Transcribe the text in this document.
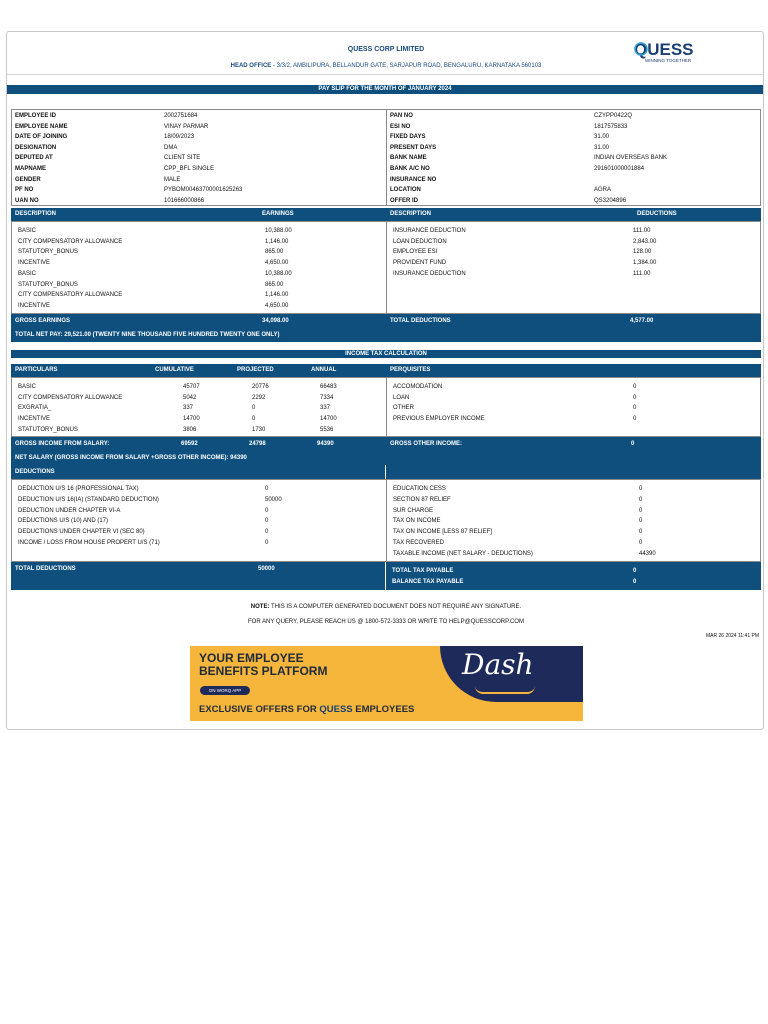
QUESS CORP LIMITED
HEAD OFFICE - 3/3/2, AMBILIPURA, BELLANDUR GATE, SARJAPUR ROAD, BENGALURU, KARNATAKA 560103
QUESS
WINNING TOGETHER
PAY SLIP FOR THE MONTH OF JANUARY 2024
EMPLOYEE ID	2002751684
EMPLOYEE NAME	VINAY PARMAR
DATE OF JOINING	18/09/2023
DESIGNATION	DMA
DEPUTED AT	CLIENT SITE
MAPNAME	CPP_BFL SINGLE
GENDER	MALE
PF NO	PYBOM00463700001625263
UAN NO	101666000866
PAN NO	CZYPP0422Q
ESI NO	1817575833
FIXED DAYS	31.00
PRESENT DAYS	31.00
BANK NAME	INDIAN OVERSEAS BANK
BANK A/C NO	291601000001884
INSURANCE NO
LOCATION	AGRA
OFFER ID	QS3204896
DESCRIPTION	EARNINGS	DESCRIPTION	DEDUCTIONS
BASIC	10,388.00
CITY COMPENSATORY ALLOWANCE	1,146.00
STATUTORY_BONUS	865.00
INCENTIVE	4,650.00
BASIC	10,388.00
STATUTORY_BONUS	865.00
CITY COMPENSATORY ALLOWANCE	1,146.00
INCENTIVE	4,650.00
INSURANCE DEDUCTION	111.00
LOAN DEDUCTION	2,843.00
EMPLOYEE ESI	128.00
PROVIDENT FUND	1,384.00
INSURANCE DEDUCTION	111.00
GROSS EARNINGS	34,098.00	TOTAL DEDUCTIONS	4,577.00
TOTAL NET PAY: 29,521.00 (TWENTY NINE THOUSAND FIVE HUNDRED TWENTY ONE ONLY)
INCOME TAX CALCULATION
PARTICULARS	CUMULATIVE	PROJECTED	ANNUAL	PERQUISITES
BASIC	45707	20776	66483
CITY COMPENSATORY ALLOWANCE	5042	2292	7334
EXGRATIA_	337	0	337
INCENTIVE	14700	0	14700
STATUTORY_BONUS	3806	1730	5536
ACCOMODATION	0
LOAN	0
OTHER	0
PREVIOUS EMPLOYER INCOME	0
GROSS INCOME FROM SALARY:	69592	24798	94390	GROSS OTHER INCOME:	0
NET SALARY (GROSS INCOME FROM SALARY +GROSS OTHER INCOME): 94390
DEDUCTIONS
DEDUCTION U/S 16 (PROFESSIONAL TAX)	0
DEDUCTION U/S 16(IA) (STANDARD DEDUCTION)	50000
DEDUCTION UNDER CHAPTER VI-A	0
DEDUCTIONS U/S (10) AND (17)	0
DEDUCTIONS UNDER CHAPTER VI (SEC 80)	0
INCOME / LOSS FROM HOUSE PROPERT U/S (71)	0
EDUCATION CESS	0
SECTION 87 RELIEF	0
SUR CHARGE	0
TAX ON INCOME	0
TAX ON INCOME [LESS 87 RELIEF]	0
TAX RECOVERED	0
TAXABLE INCOME (NET SALARY - DEDUCTIONS)	44390
TOTAL DEDUCTIONS	50000	TOTAL TAX PAYABLE	0
BALANCE TAX PAYABLE	0
NOTE: THIS IS A COMPUTER GENERATED DOCUMENT DOES NOT REQUIRE ANY SIGNATURE.
FOR ANY QUERY, PLEASE REACH US @ 1800-572-3333 OR WRITE TO HELP@QUESSCORP.COM
MAR 26 2024 11:41 PM
YOUR EMPLOYEE
BENEFITS PLATFORM
ON WORQ APP
Dash
EXCLUSIVE OFFERS FOR QUESS EMPLOYEES
